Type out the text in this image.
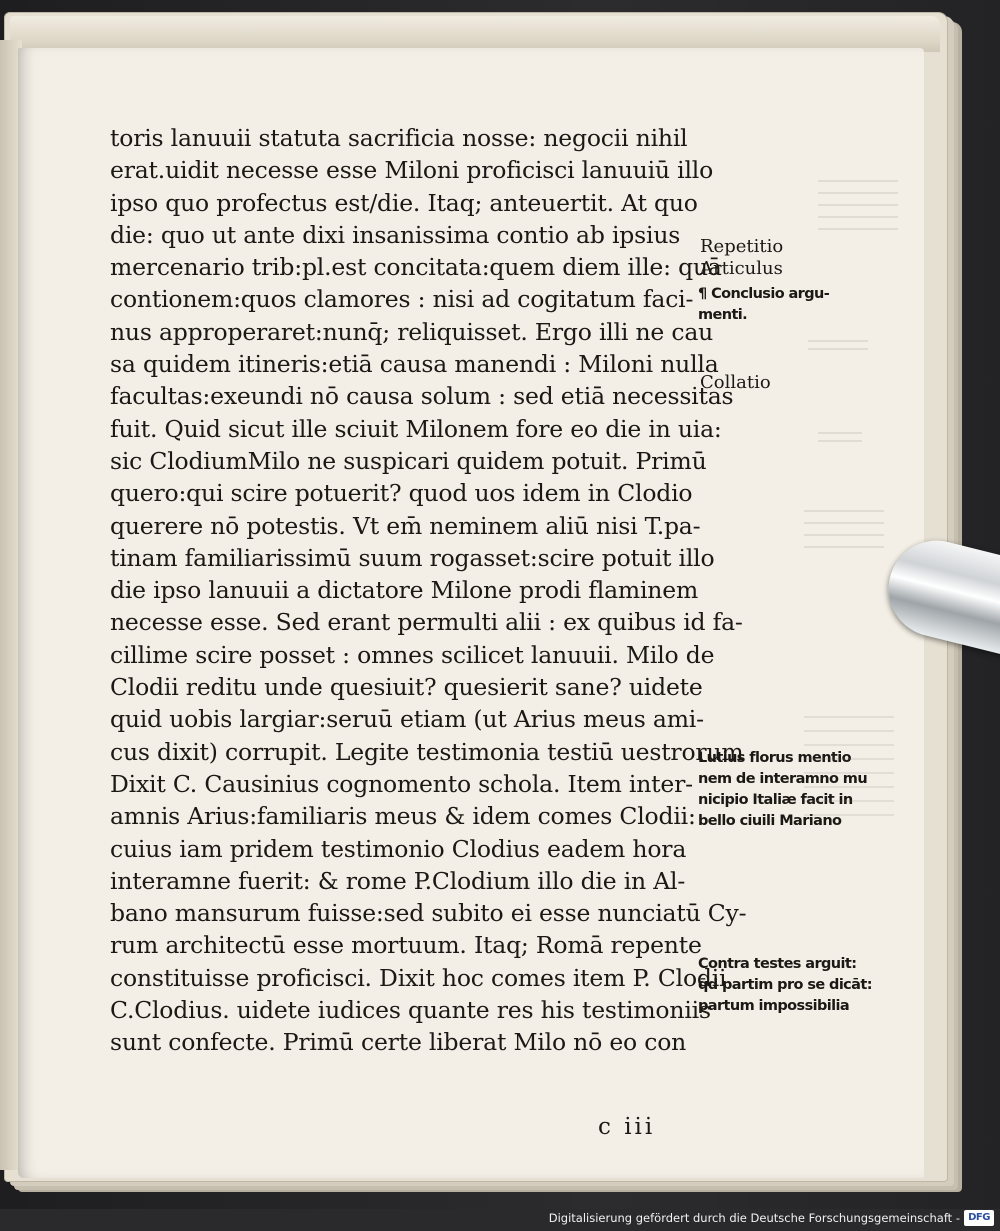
toris lanuuii statuta sacrificia nosse: negocii nihil
erat.uidit necesse esse Miloni proficisci lanuuiū illo
ipso quo profectus est/die. Itaq; anteuertit. At quo
die: quo ut ante dixi insanissima contio ab ipsius
mercenario trib:pl.est concitata:quem diem ille: quā
contionem:quos clamores : nisi ad cogitatum faci-
nus approperaret:nunq̄; reliquisset. Ergo illi ne cau
sa quidem itineris:etiā causa manendi : Miloni nulla
facultas:exeundi nō causa solum : sed etiā necessitas
fuit. Quid sicut ille sciuit Milonem fore eo die in uia:
sic ClodiumMilo ne suspicari quidem potuit. Primū
quero:qui scire potuerit? quod uos idem in Clodio
querere nō potestis. Vt em̄ neminem aliū nisi T.pa-
tinam familiarissimū suum rogasset:scire potuit illo
die ipso lanuuii a dictatore Milone prodi flaminem
necesse esse. Sed erant permulti alii : ex quibus id fa-
cillime scire posset : omnes scilicet lanuuii. Milo de
Clodii reditu unde quesiuit? quesierit sane? uidete
quid uobis largiar:seruū etiam (ut Arius meus ami-
cus dixit) corrupit. Legite testimonia testiū uestrorum
Dixit C. Causinius cognomento schola. Item inter-
amnis Arius:familiaris meus & idem comes Clodii:
cuius iam pridem testimonio Clodius eadem hora
interamne fuerit: & rome P.Clodium illo die in Al-
bano mansurum fuisse:sed subito ei esse nunciatū Cy-
rum architectū esse mortuum. Itaq; Romā repente
constituisse proficisci. Dixit hoc comes item P. Clodii
C.Clodius. uidete iudices quante res his testimoniis
sunt confecte. Primū certe liberat Milo nō eo con
c iii
Repetitio
Articulus
¶ Conclusio argu-
menti.
Collatio
Lutius florus mentio
nem de interamno mu
nicipio Italiæ facit in
bello ciuili Mariano
Contra testes arguit:
q̄d partim pro se dicāt:
partum impossibilia
Digitalisierung gefördert durch die Deutsche Forschungsgemeinschaft - DFG
